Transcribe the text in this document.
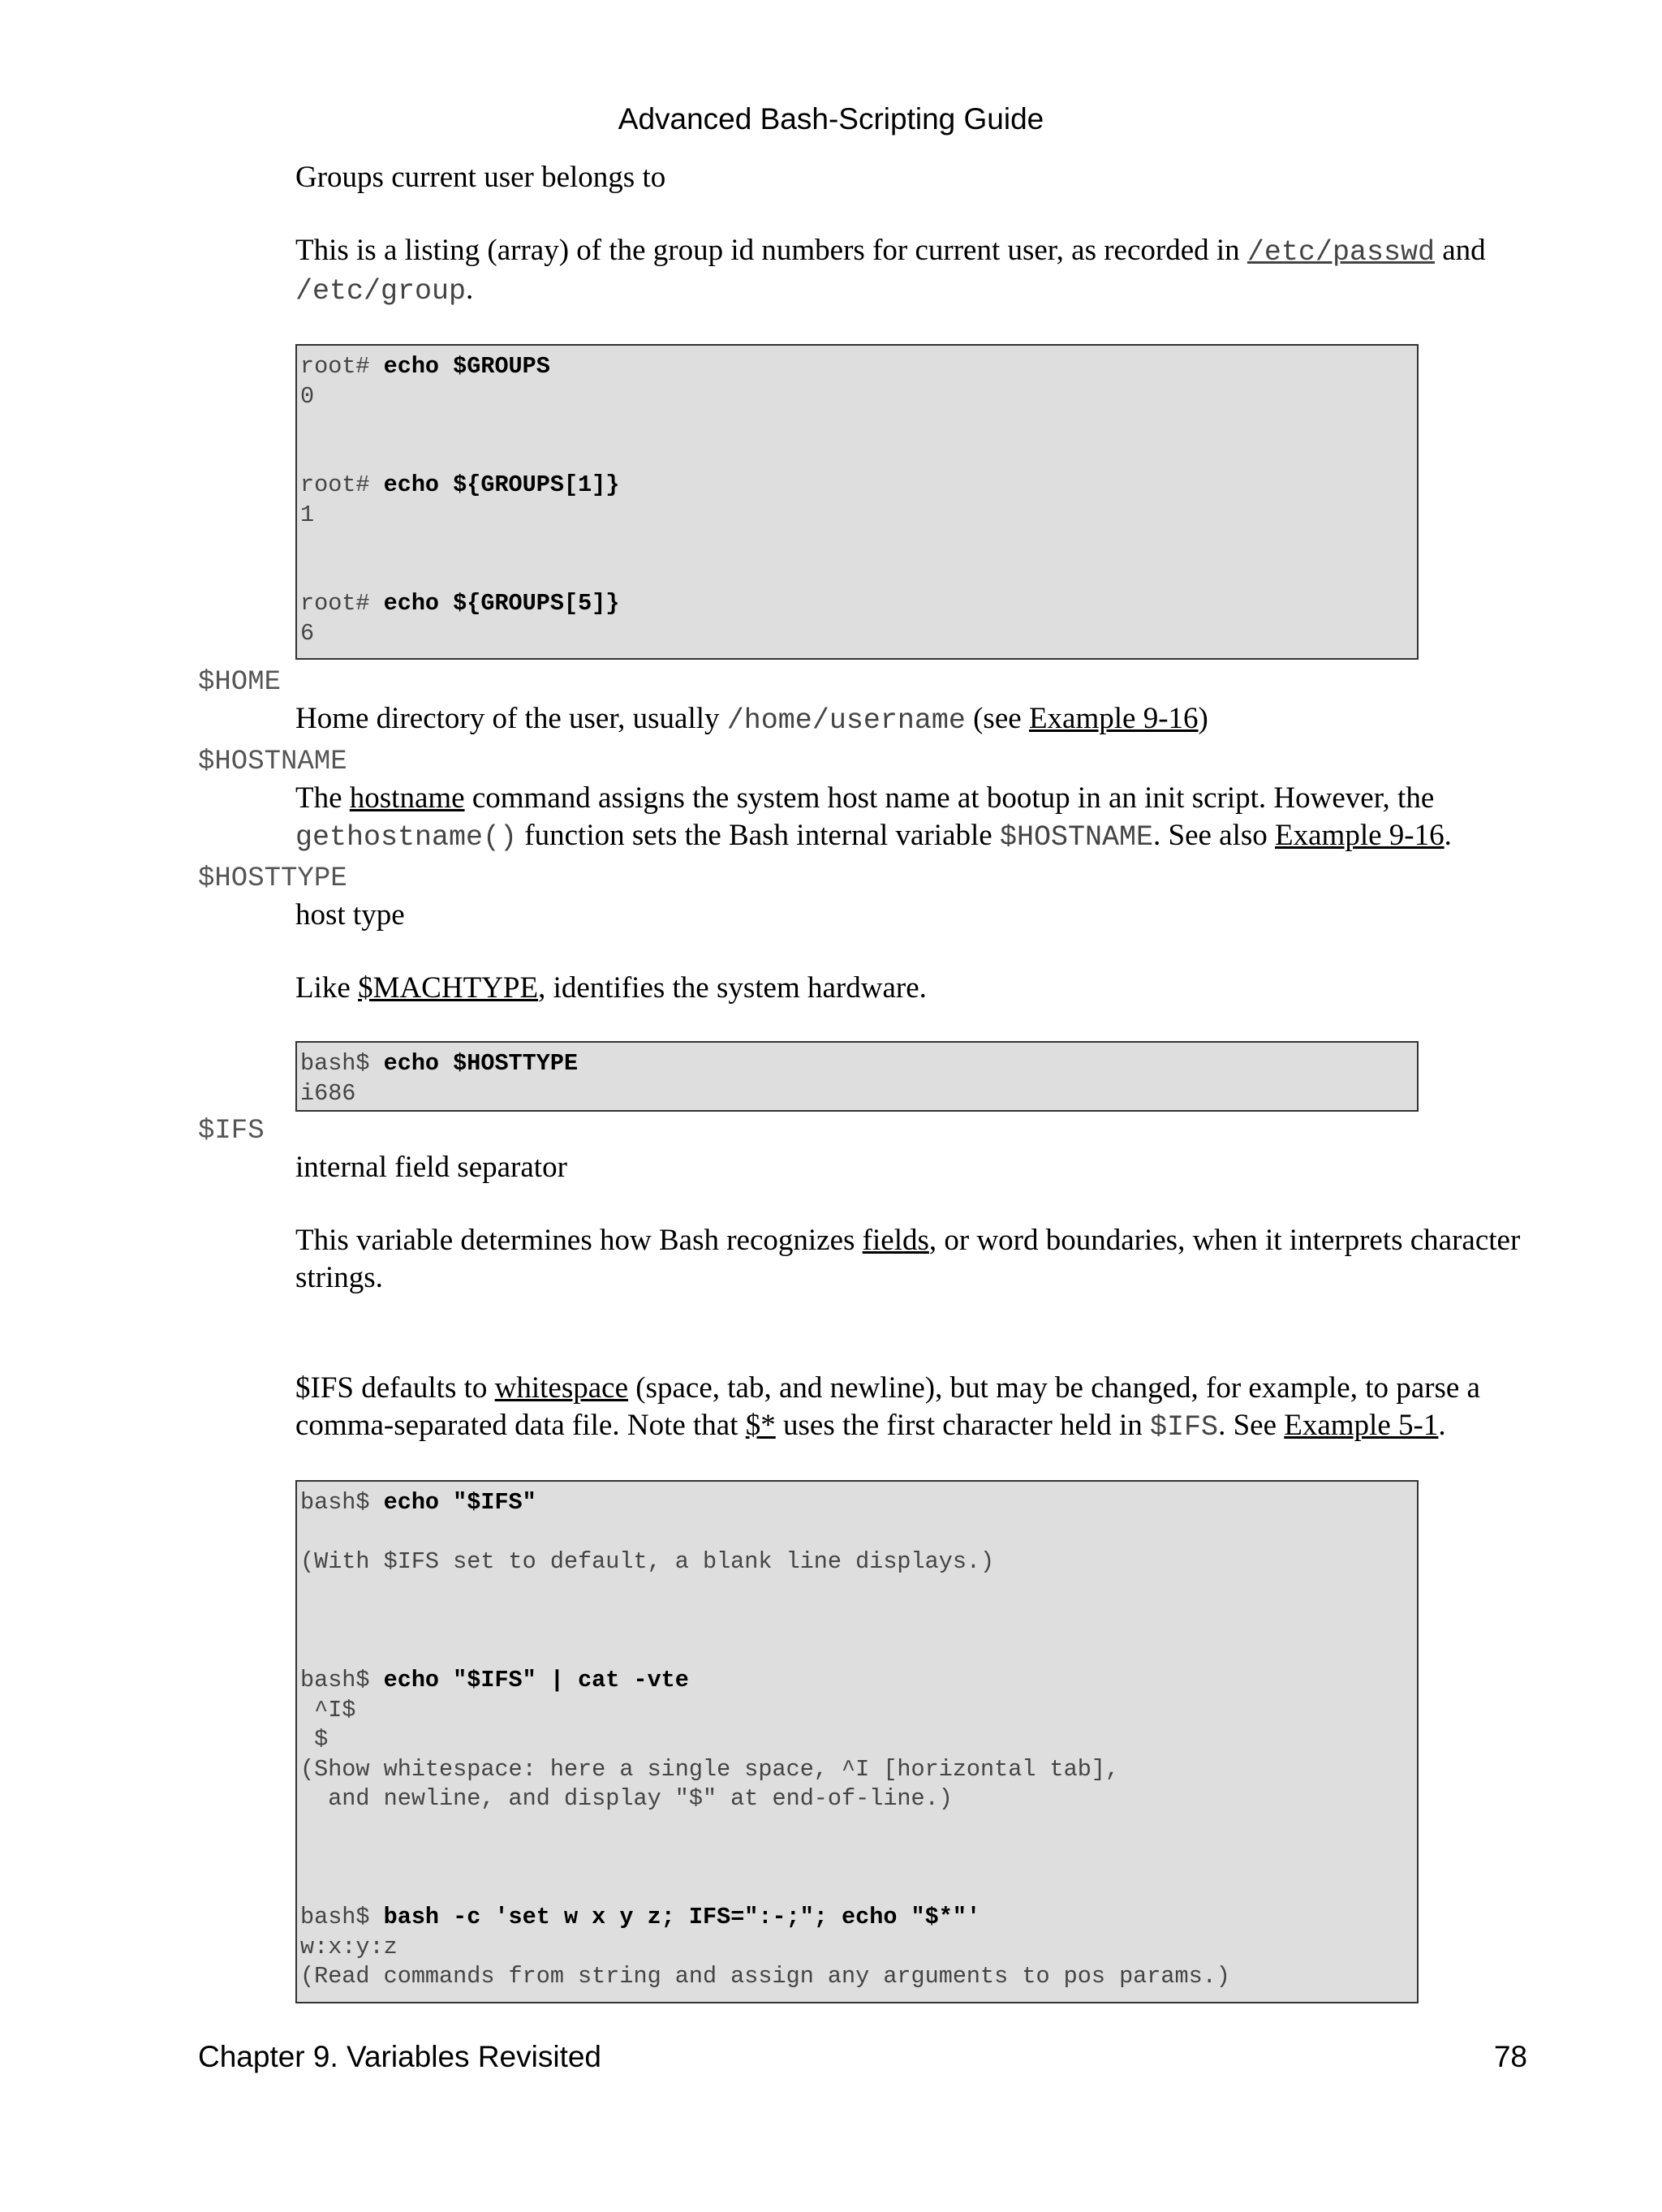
Advanced Bash-Scripting Guide

Groups current user belongs to

This is a listing (array) of the group id numbers for current user, as recorded in /etc/passwd and
/etc/group.

root# echo $GROUPS
0
root# echo ${GROUPS[1]}
1
root# echo ${GROUPS[5]}
6
$HOME

Home directory of the user, usually /home/username (see Example 9-16)

$HOSTNAME

The hostname command assigns the system host name at bootup in an init script. However, the
gethostname() function sets the Bash internal variable $HOSTNAME. See also Example 9-16.

$HOSTTYPE

host type

Like $MACHTYPE, identifies the system hardware.

bash$ echo $HOSTTYPE
i686
$IFS

internal field separator

This variable determines how Bash recognizes fields, or word boundaries, when it interprets character
strings.

$IFS defaults to whitespace (space, tab, and newline), but may be changed, for example, to parse a
comma-separated data file. Note that $* uses the first character held in $IFS. See Example 5-1.

bash$ echo "$IFS"
(With $IFS set to default, a blank line displays.)
bash$ echo "$IFS" | cat -vte
^I$
$
(Show whitespace: here a single space, ^I [horizontal tab],
and newline, and display "$" at end-of-line.)
bash$ bash -c 'set w x y z; IFS=":-;"; echo "$*"'
w:x:y:z
(Read commands from string and assign any arguments to pos params.)
Chapter 9. Variables Revisited	78
